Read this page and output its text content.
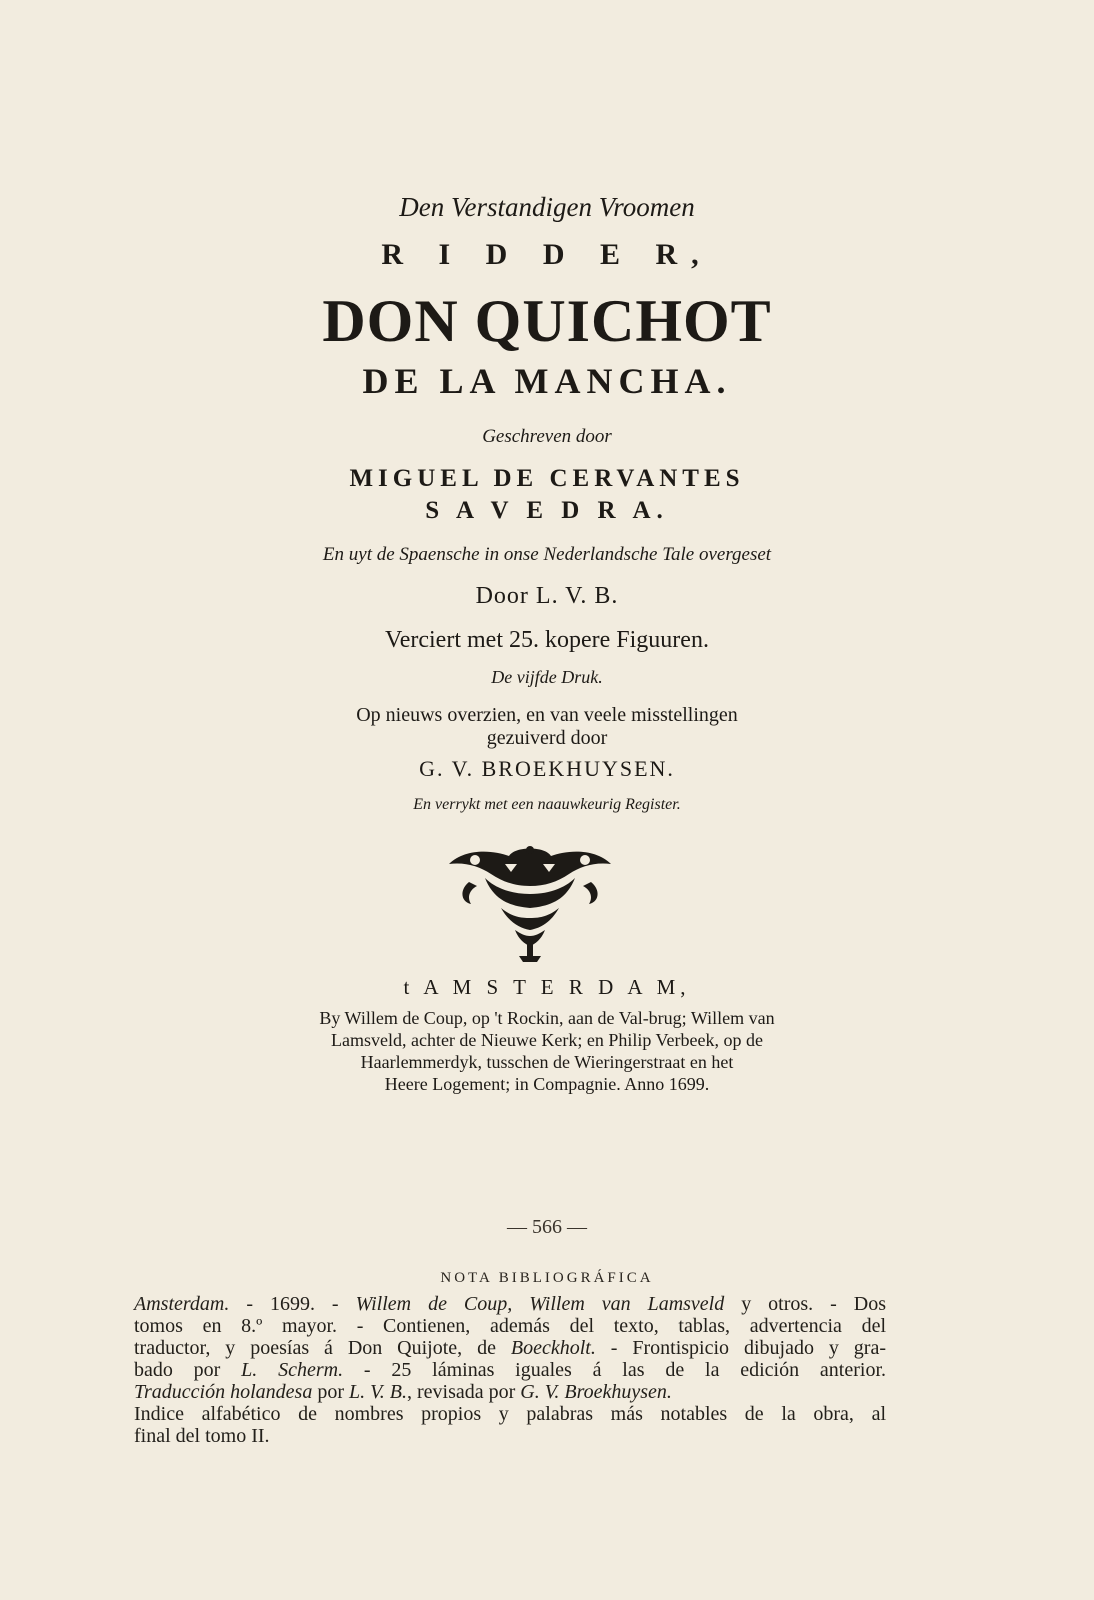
Den Verstandigen Vroomen
R I D D E R,
DON QUICHOT
DE LA MANCHA.
Geschreven door
MIGUEL DE CERVANTES
S A V E D R A.
En uyt de Spaensche in onse Nederlandsche Tale overgeset
Door L. V. B.
Verciert met 25. kopere Figuuren.
De vijfde Druk.
Op nieuws overzien, en van veele misstellingen
gezuiverd door
G. V. BROEKHUYSEN.
En verrykt met een naauwkeurig Register.
t A M S T E R D A M,
By Willem de Coup, op 't Rockin, aan de Val-brug; Willem van
Lamsveld, achter de Nieuwe Kerk; en Philip Verbeek, op de
Haarlemmerdyk, tusschen de Wieringerstraat en het
Heere Logement; in Compagnie. Anno 1699.
— 566 —
NOTA BIBLIOGRÁFICA
Amsterdam. - 1699. - Willem de Coup, Willem van Lamsveld y otros. - Dos
tomos en 8.º mayor. - Contienen, además del texto, tablas, advertencia del
traductor, y poesías á Don Quijote, de Boeckholt. - Frontispicio dibujado y gra-
bado por L. Scherm. - 25 láminas iguales á las de la edición anterior.
Traducción holandesa por L. V. B., revisada por G. V. Broekhuysen.
Indice alfabético de nombres propios y palabras más notables de la obra, al
final del tomo II.
